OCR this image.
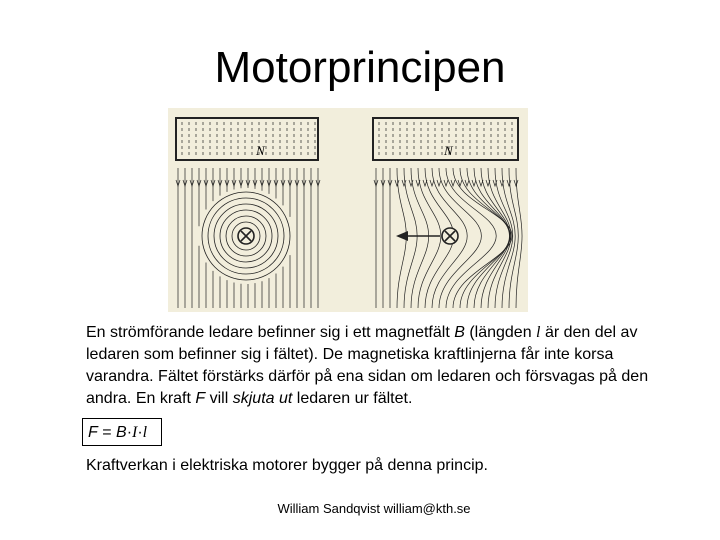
Motorprincipen
N	N
En strömförande ledare befinner sig i ett magnetfält B (längden l är den del av ledaren som befinner sig i fältet). De magnetiska kraftlinjerna får inte korsa varandra. Fältet förstärks därför på ena sidan om ledaren och försvagas på den andra. En kraft F vill skjuta ut ledaren ur fältet.
F = B·I·l
Kraftverkan i elektriska motorer bygger på denna princip.
William Sandqvist william@kth.se
